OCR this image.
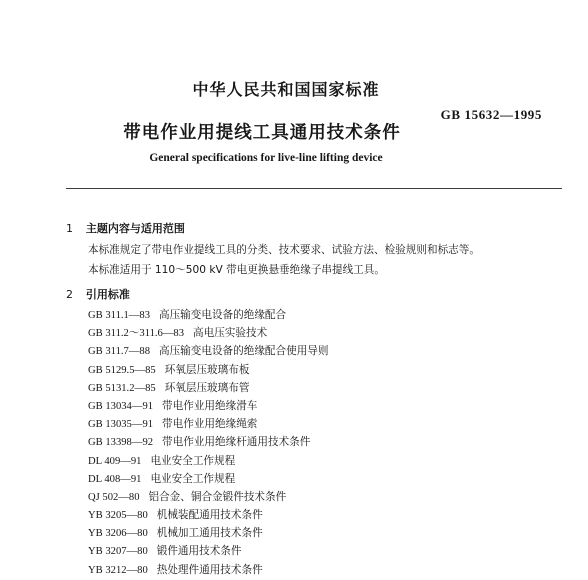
中华人民共和国国家标准
GB 15632—1995
带电作业用提线工具通用技术条件
General specifications for live-line lifting device
1 主题内容与适用范围
本标准规定了带电作业提线工具的分类、技术要求、试验方法、检验规则和标志等。
本标准适用于 110～500 kV 带电更换悬垂绝缘子串提线工具。
2 引用标准
GB 311.1—83 高压输变电设备的绝缘配合
GB 311.2～311.6—83 高电压实验技术
GB 311.7—88 高压输变电设备的绝缘配合使用导则
GB 5129.5—85 环氧层压玻璃布板
GB 5131.2—85 环氧层压玻璃布管
GB 13034—91 带电作业用绝缘滑车
GB 13035—91 带电作业用绝缘绳索
GB 13398—92 带电作业用绝缘杆通用技术条件
DL 409—91 电业安全工作规程
DL 408—91 电业安全工作规程
QJ 502—80 铝合金、铜合金锻件技术条件
YB 3205—80 机械装配通用技术条件
YB 3206—80 机械加工通用技术条件
YB 3207—80 锻件通用技术条件
YB 3212—80 热处理件通用技术条件
